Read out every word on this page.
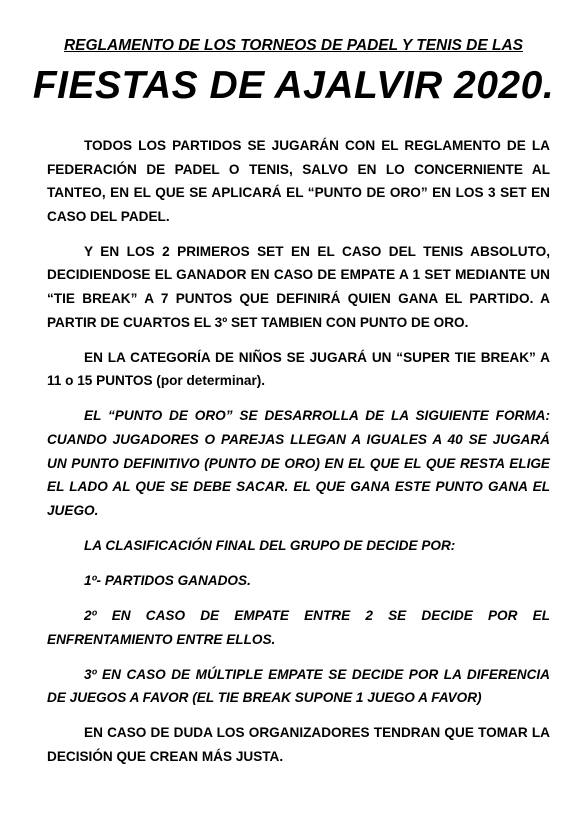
REGLAMENTO DE LOS TORNEOS DE PADEL Y TENIS DE LAS
FIESTAS DE AJALVIR 2020.

TODOS LOS PARTIDOS SE JUGARÁN CON EL REGLAMENTO DE LA FEDERACIÓN DE PADEL O TENIS, SALVO EN LO CONCERNIENTE AL TANTEO, EN EL QUE SE APLICARÁ EL “PUNTO DE ORO” EN LOS 3 SET EN CASO DEL PADEL.

Y EN LOS 2 PRIMEROS SET EN EL CASO DEL TENIS ABSOLUTO, DECIDIENDOSE EL GANADOR EN CASO DE EMPATE A 1 SET MEDIANTE UN “TIE BREAK” A 7 PUNTOS QUE DEFINIRÁ QUIEN GANA EL PARTIDO. A PARTIR DE CUARTOS EL 3º SET TAMBIEN CON PUNTO DE ORO.

EN LA CATEGORÍA DE NIÑOS SE JUGARÁ UN “SUPER TIE BREAK” A 11 o 15 PUNTOS (por determinar).

EL “PUNTO DE ORO” SE DESARROLLA DE LA SIGUIENTE FORMA: CUANDO JUGADORES O PAREJAS LLEGAN A IGUALES A 40 SE JUGARÁ UN PUNTO DEFINITIVO (PUNTO DE ORO) EN EL QUE EL QUE RESTA ELIGE EL LADO AL QUE SE DEBE SACAR. EL QUE GANA ESTE PUNTO GANA EL JUEGO.

LA CLASIFICACIÓN FINAL DEL GRUPO DE DECIDE POR:

1º- PARTIDOS GANADOS.

2º EN CASO DE EMPATE ENTRE 2 SE DECIDE POR EL ENFRENTAMIENTO ENTRE ELLOS.

3º EN CASO DE MÚLTIPLE EMPATE SE DECIDE POR LA DIFERENCIA DE JUEGOS A FAVOR (EL TIE BREAK SUPONE 1 JUEGO A FAVOR)

EN CASO DE DUDA LOS ORGANIZADORES TENDRAN QUE TOMAR LA DECISIÓN QUE CREAN MÁS JUSTA.
